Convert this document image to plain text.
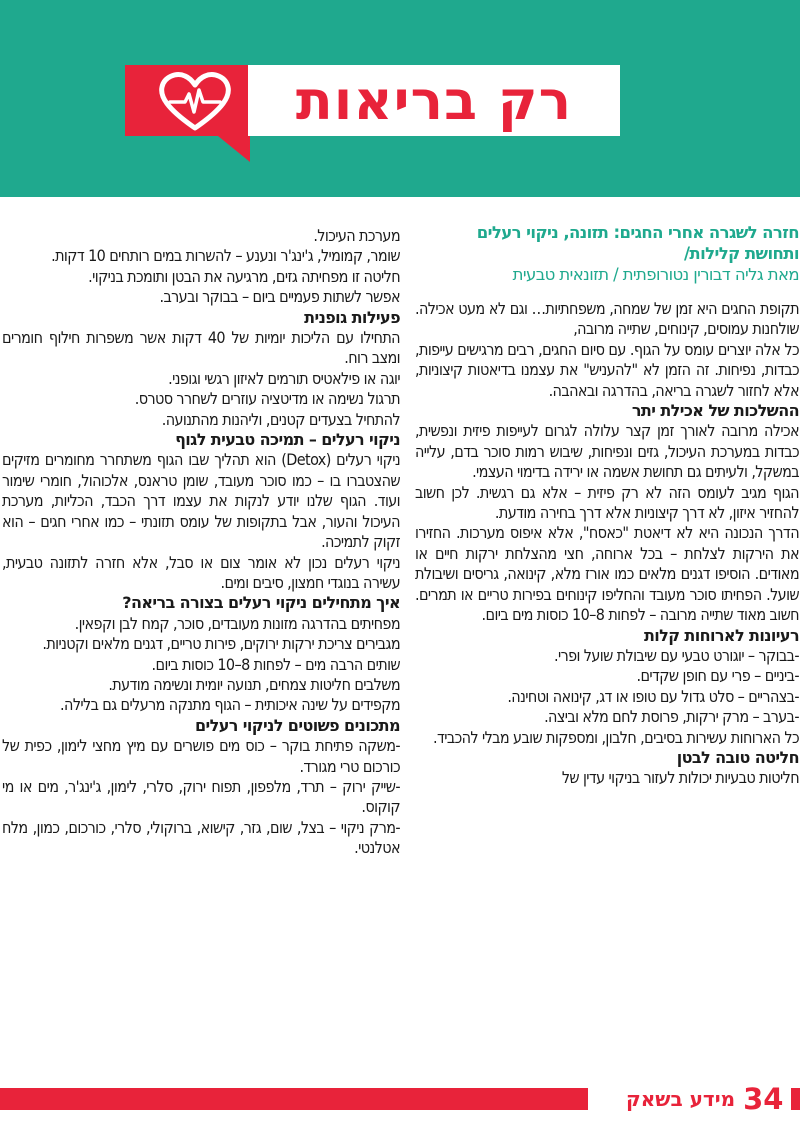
רק בריאות

חזרה לשגרה אחרי החגים: תזונה, ניקוי רעלים

ותחושת קלילות/

מאת גליה דבורין נטורופתית / תזונאית טבעית

תקופת החגים היא זמן של שמחה, משפחתיות… וגם לא מעט אכילה. שולחנות עמוסים, קינוחים, שתייה מרובה,

כל אלה יוצרים עומס על הגוף. עם סיום החגים, רבים מרגישים עייפות, כבדות, נפיחות. זה הזמן לא "להעניש" את עצמנו בדיאטות קיצוניות, אלא לחזור לשגרה בריאה, בהדרגה ובאהבה.

ההשלכות של אכילת יתר

אכילה מרובה לאורך זמן קצר עלולה לגרום לעייפות פיזית ונפשית, כבדות במערכת העיכול, גזים ונפיחות, שיבוש רמות סוכר בדם, עלייה במשקל, ולעיתים גם תחושת אשמה או ירידה בדימוי העצמי.

הגוף מגיב לעומס הזה לא רק פיזית – אלא גם רגשית. לכן חשוב להחזיר איזון, לא דרך קיצוניות אלא דרך בחירה מודעת.

הדרך הנכונה היא לא דיאטת "כאסח", אלא איפוס מערכות. החזירו את הירקות לצלחת – בכל ארוחה, חצי מהצלחת ירקות חיים או מאודים. הוסיפו דגנים מלאים כמו אורז מלא, קינואה, גריסים ושיבולת שועל. הפחיתו סוכר מעובד והחליפו קינוחים בפירות טריים או תמרים. חשוב מאוד שתייה מרובה – לפחות 8–10 כוסות מים ביום.

רעיונות לארוחות קלות

-בבוקר – יוגורט טבעי עם שיבולת שועל ופרי.

-ביניים – פרי עם חופן שקדים.

-בצהריים – סלט גדול עם טופו או דג, קינואה וטחינה.

-בערב – מרק ירקות, פרוסת לחם מלא וביצה.

כל הארוחות עשירות בסיבים, חלבון, ומספקות שובע מבלי להכביד.

חליטה טובה לבטן

חליטות טבעיות יכולות לעזור בניקוי עדין של

מערכת העיכול.

שומר, קמומיל, ג'ינג'ר ונענע – להשרות במים רותחים 10 דקות.

חליטה זו מפחיתה גזים, מרגיעה את הבטן ותומכת בניקוי.

אפשר לשתות פעמיים ביום – בבוקר ובערב.

פעילות גופנית

התחילו עם הליכות יומיות של 40 דקות אשר משפרות חילוף חומרים ומצב רוח.

יוגה או פילאטיס תורמים לאיזון רגשי וגופני.

תרגול נשימה או מדיטציה עוזרים לשחרר סטרס.

להתחיל בצעדים קטנים, וליהנות מהתנועה.

ניקוי רעלים – תמיכה טבעית לגוף

ניקוי רעלים (Detox) הוא תהליך שבו הגוף משתחרר מחומרים מזיקים שהצטברו בו – כמו סוכר מעובד, שומן טראנס, אלכוהול, חומרי שימור ועוד. הגוף שלנו יודע לנקות את עצמו דרך הכבד, הכליות, מערכת העיכול והעור, אבל בתקופות של עומס תזונתי – כמו אחרי חגים – הוא זקוק לתמיכה.

ניקוי רעלים נכון לא אומר צום או סבל, אלא חזרה לתזונה טבעית, עשירה בנוגדי חמצון, סיבים ומים.

איך מתחילים ניקוי רעלים בצורה בריאה?

מפחיתים בהדרגה מזונות מעובדים, סוכר, קמח לבן וקפאין.

מגבירים צריכת ירקות ירוקים, פירות טריים, דגנים מלאים וקטניות.

שותים הרבה מים – לפחות 8–10 כוסות ביום.

משלבים חליטות צמחים, תנועה יומית ונשימה מודעת.

מקפידים על שינה איכותית – הגוף מתנקה מרעלים גם בלילה.

מתכונים פשוטים לניקוי רעלים

-משקה פתיחת בוקר – כוס מים פושרים עם מיץ מחצי לימון, כפית של כורכום טרי מגורד.

-שייק ירוק – תרד, מלפפון, תפוח ירוק, סלרי, לימון, ג'ינג'ר, מים או מי קוקוס.

-מרק ניקוי – בצל, שום, גזר, קישוא, ברוקולי, סלרי, כורכום, כמון, מלח אטלנטי.

34
מידע בשאק
